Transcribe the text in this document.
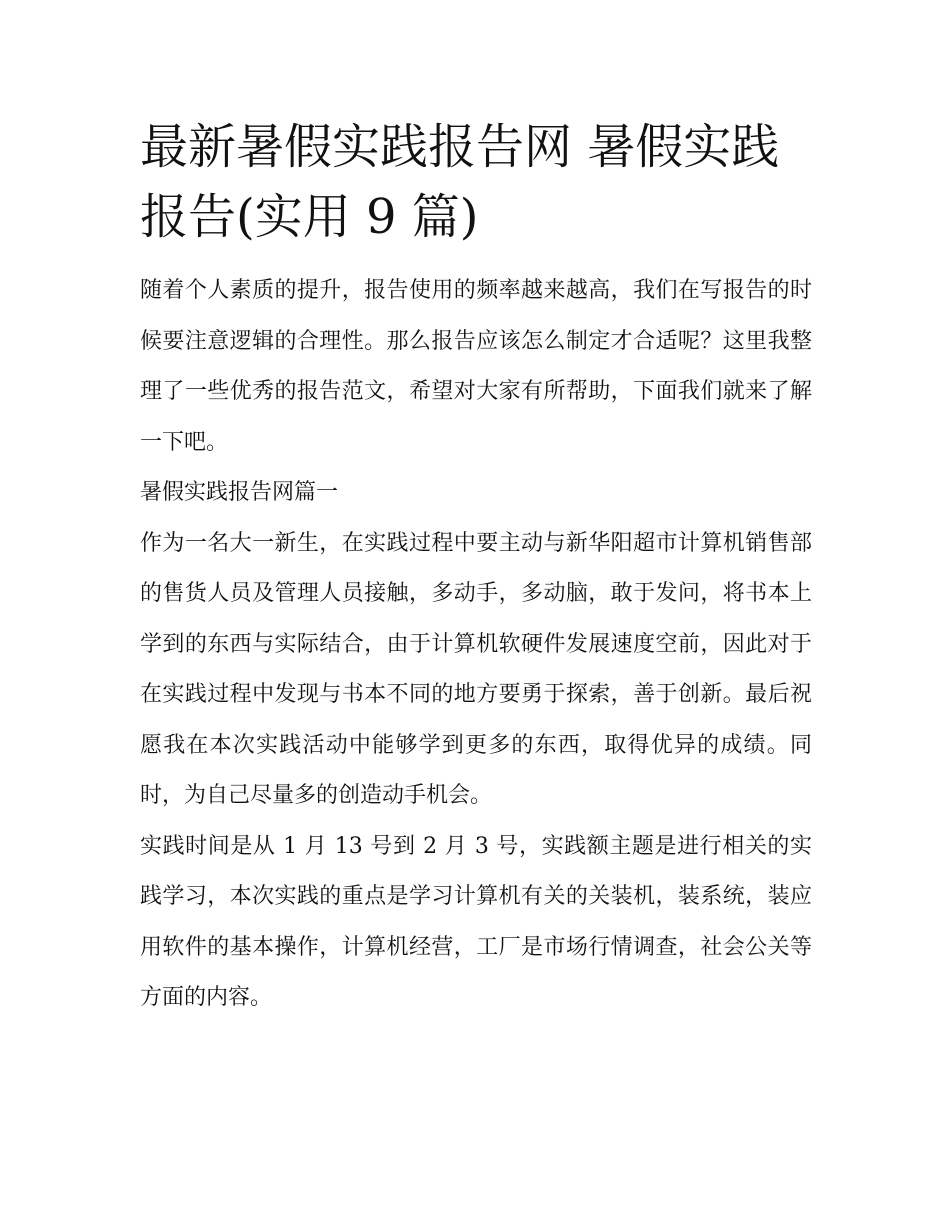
最新暑假实践报告网 暑假实践报告(实用 9 篇)

随着个人素质的提升，报告使用的频率越来越高，我们在写报告的时候要注意逻辑的合理性。那么报告应该怎么制定才合适呢？这里我整理了一些优秀的报告范文，希望对大家有所帮助，下面我们就来了解一下吧。

暑假实践报告网篇一

作为一名大一新生，在实践过程中要主动与新华阳超市计算机销售部的售货人员及管理人员接触，多动手，多动脑，敢于发问，将书本上学到的东西与实际结合，由于计算机软硬件发展速度空前，因此对于在实践过程中发现与书本不同的地方要勇于探索，善于创新。最后祝愿我在本次实践活动中能够学到更多的东西，取得优异的成绩。同时，为自己尽量多的创造动手机会。

实践时间是从 1 月 13 号到 2 月 3 号，实践额主题是进行相关的实践学习，本次实践的重点是学习计算机有关的关装机，装系统，装应用软件的基本操作，计算机经营，工厂是市场行情调查，社会公关等方面的内容。
